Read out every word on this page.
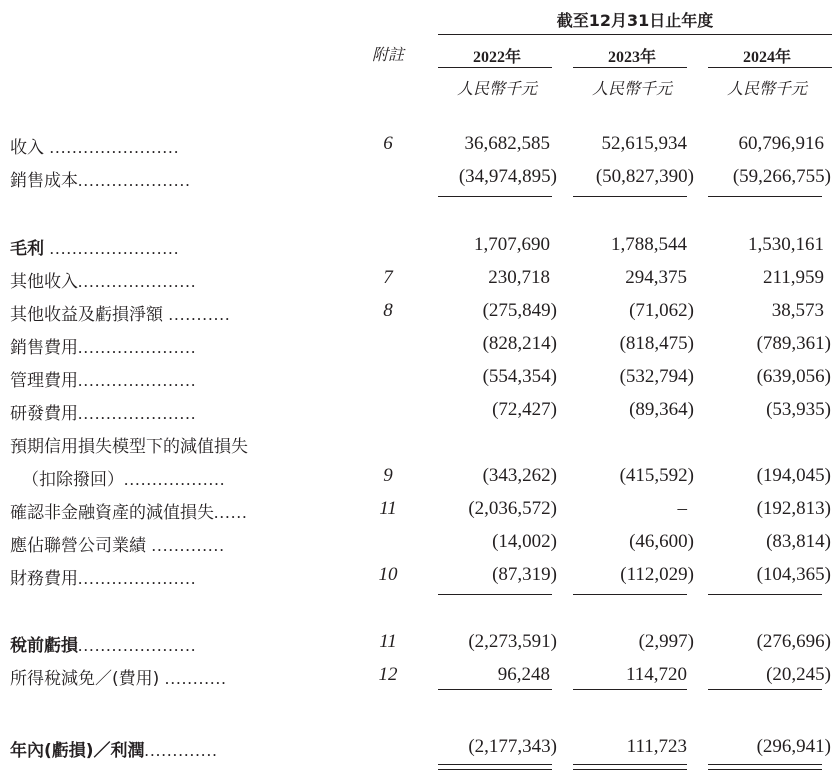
截至12月31日止年度
附註	2022年	2023年	2024年
人民幣千元	人民幣千元	人民幣千元
收入 .......................	6	36,682,585	52,615,934	60,796,916
銷售成本....................	(34,974,895)	(50,827,390)	(59,266,755)
毛利 .......................	1,707,690	1,788,544	1,530,161
其他收入.....................	7	230,718	294,375	211,959
其他收益及虧損淨額 ...........	8	(275,849)	(71,062)	38,573
銷售費用.....................	(828,214)	(818,475)	(789,361)
管理費用.....................	(554,354)	(532,794)	(639,056)
研發費用.....................	(72,427)	(89,364)	(53,935)
預期信用損失模型下的減值損失
（扣除撥回）..................	9	(343,262)	(415,592)	(194,045)
確認非金融資產的減值損失......	11	(2,036,572)	–	(192,813)
應佔聯營公司業績 .............	(14,002)	(46,600)	(83,814)
財務費用.....................	10	(87,319)	(112,029)	(104,365)
稅前虧損.....................	11	(2,273,591)	(2,997)	(276,696)
所得稅減免／(費用) ...........	12	96,248	114,720	(20,245)
年內(虧損)／利潤.............	(2,177,343)	111,723	(296,941)
